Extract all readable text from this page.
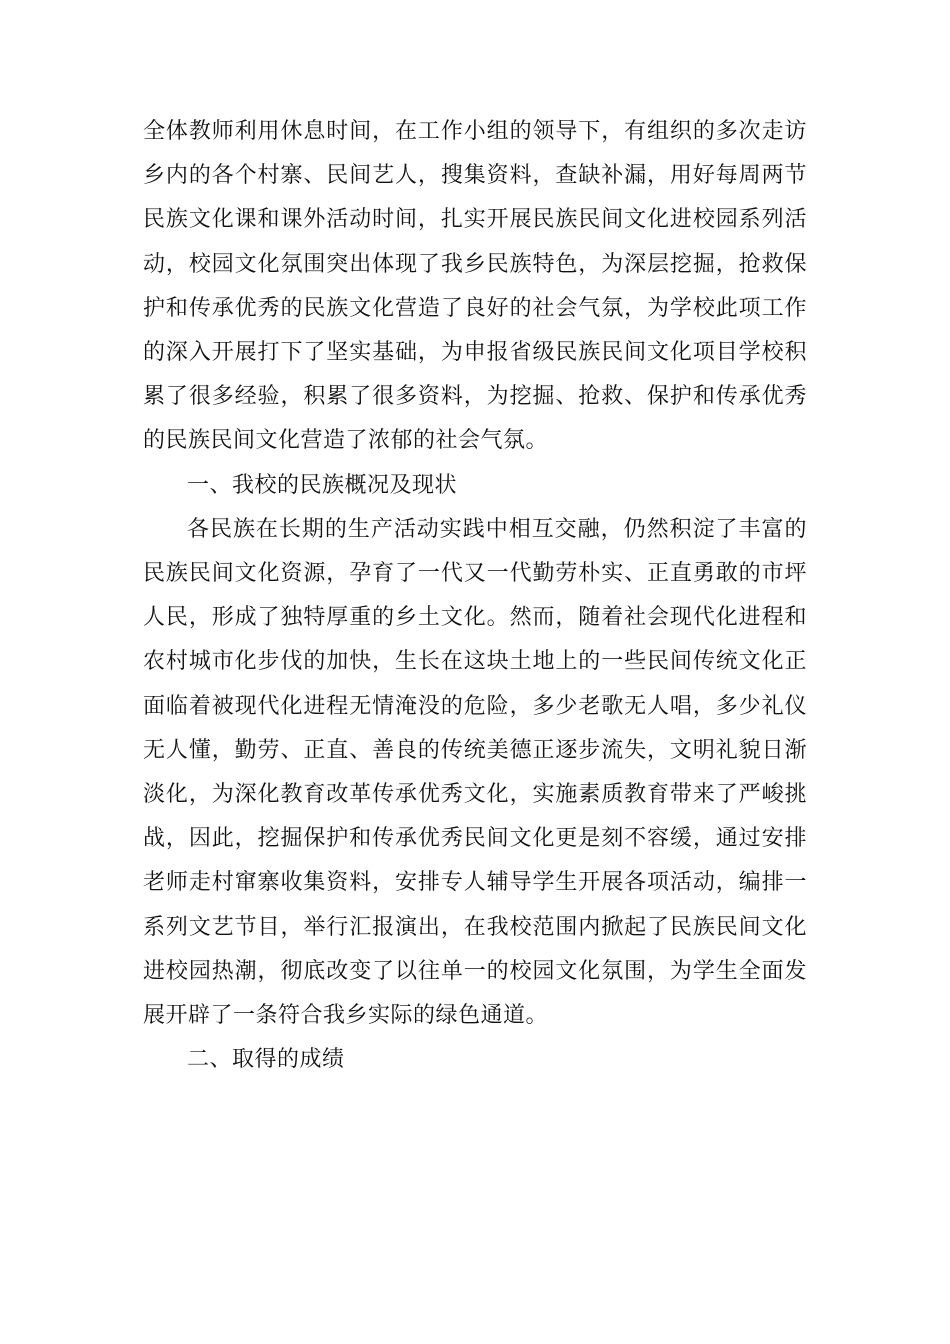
全体教师利用休息时间，在工作小组的领导下，有组织的多次走访乡内的各个村寨、民间艺人，搜集资料，查缺补漏，用好每周两节民族文化课和课外活动时间，扎实开展民族民间文化进校园系列活动，校园文化氛围突出体现了我乡民族特色，为深层挖掘，抢救保护和传承优秀的民族文化营造了良好的社会气氛，为学校此项工作的深入开展打下了坚实基础，为申报省级民族民间文化项目学校积累了很多经验，积累了很多资料，为挖掘、抢救、保护和传承优秀的民族民间文化营造了浓郁的社会气氛。

一、我校的民族概况及现状

各民族在长期的生产活动实践中相互交融，仍然积淀了丰富的民族民间文化资源，孕育了一代又一代勤劳朴实、正直勇敢的市坪人民，形成了独特厚重的乡土文化。然而，随着社会现代化进程和农村城市化步伐的加快，生长在这块土地上的一些民间传统文化正面临着被现代化进程无情淹没的危险，多少老歌无人唱，多少礼仪无人懂，勤劳、正直、善良的传统美德正逐步流失，文明礼貌日渐淡化，为深化教育改革传承优秀文化，实施素质教育带来了严峻挑战，因此，挖掘保护和传承优秀民间文化更是刻不容缓，通过安排老师走村窜寨收集资料，安排专人辅导学生开展各项活动，编排一系列文艺节目，举行汇报演出，在我校范围内掀起了民族民间文化进校园热潮，彻底改变了以往单一的校园文化氛围，为学生全面发展开辟了一条符合我乡实际的绿色通道。

二、取得的成绩
